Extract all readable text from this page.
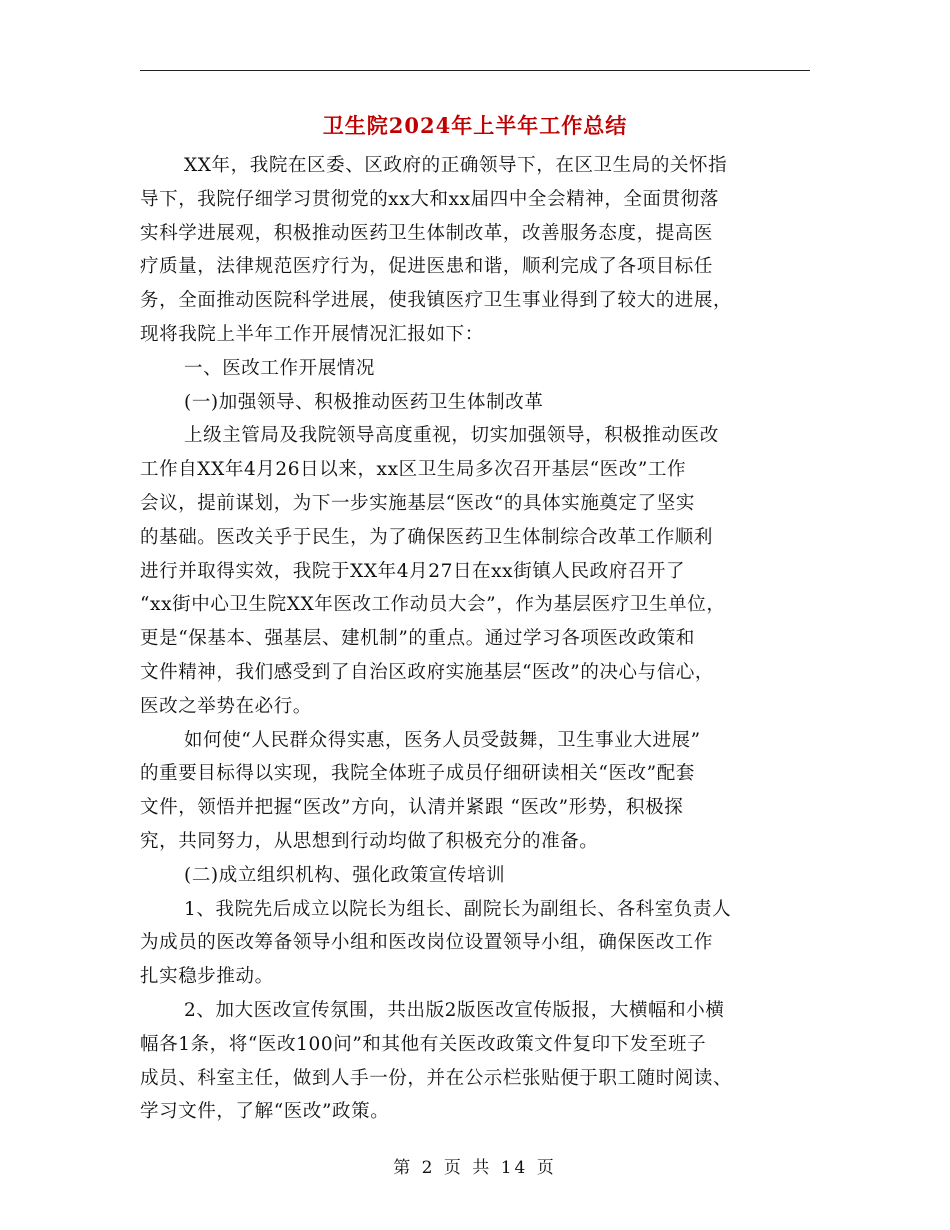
卫生院2024年上半年工作总结
XX年，我院在区委、区政府的正确领导下，在区卫生局的关怀指
导下，我院仔细学习贯彻党的xx大和xx届四中全会精神，全面贯彻落
实科学进展观，积极推动医药卫生体制改革，改善服务态度，提高医
疗质量，法律规范医疗行为，促进医患和谐，顺利完成了各项目标任
务，全面推动医院科学进展，使我镇医疗卫生事业得到了较大的进展，
现将我院上半年工作开展情况汇报如下：
一、医改工作开展情况
(一)加强领导、积极推动医药卫生体制改革
上级主管局及我院领导高度重视，切实加强领导，积极推动医改
工作自XX年4月26日以来，xx区卫生局多次召开基层“医改”工作
会议，提前谋划，为下一步实施基层“医改“的具体实施奠定了坚实
的基础。医改关乎于民生，为了确保医药卫生体制综合改革工作顺利
进行并取得实效，我院于XX年4月27日在xx街镇人民政府召开了
“xx街中心卫生院XX年医改工作动员大会”，作为基层医疗卫生单位，
更是“保基本、强基层、建机制”的重点。通过学习各项医改政策和
文件精神，我们感受到了自治区政府实施基层“医改”的决心与信心，
医改之举势在必行。
如何使“人民群众得实惠，医务人员受鼓舞，卫生事业大进展”
的重要目标得以实现，我院全体班子成员仔细研读相关“医改”配套
文件，领悟并把握“医改”方向，认清并紧跟 “医改”形势，积极探
究，共同努力，从思想到行动均做了积极充分的准备。
(二)成立组织机构、强化政策宣传培训
1、我院先后成立以院长为组长、副院长为副组长、各科室负责人
为成员的医改筹备领导小组和医改岗位设置领导小组，确保医改工作
扎实稳步推动。
2、加大医改宣传氛围，共出版2版医改宣传版报，大横幅和小横
幅各1条，将“医改100问”和其他有关医改政策文件复印下发至班子
成员、科室主任，做到人手一份，并在公示栏张贴便于职工随时阅读、
学习文件，了解“医改”政策。
第 2 页 共 14 页
